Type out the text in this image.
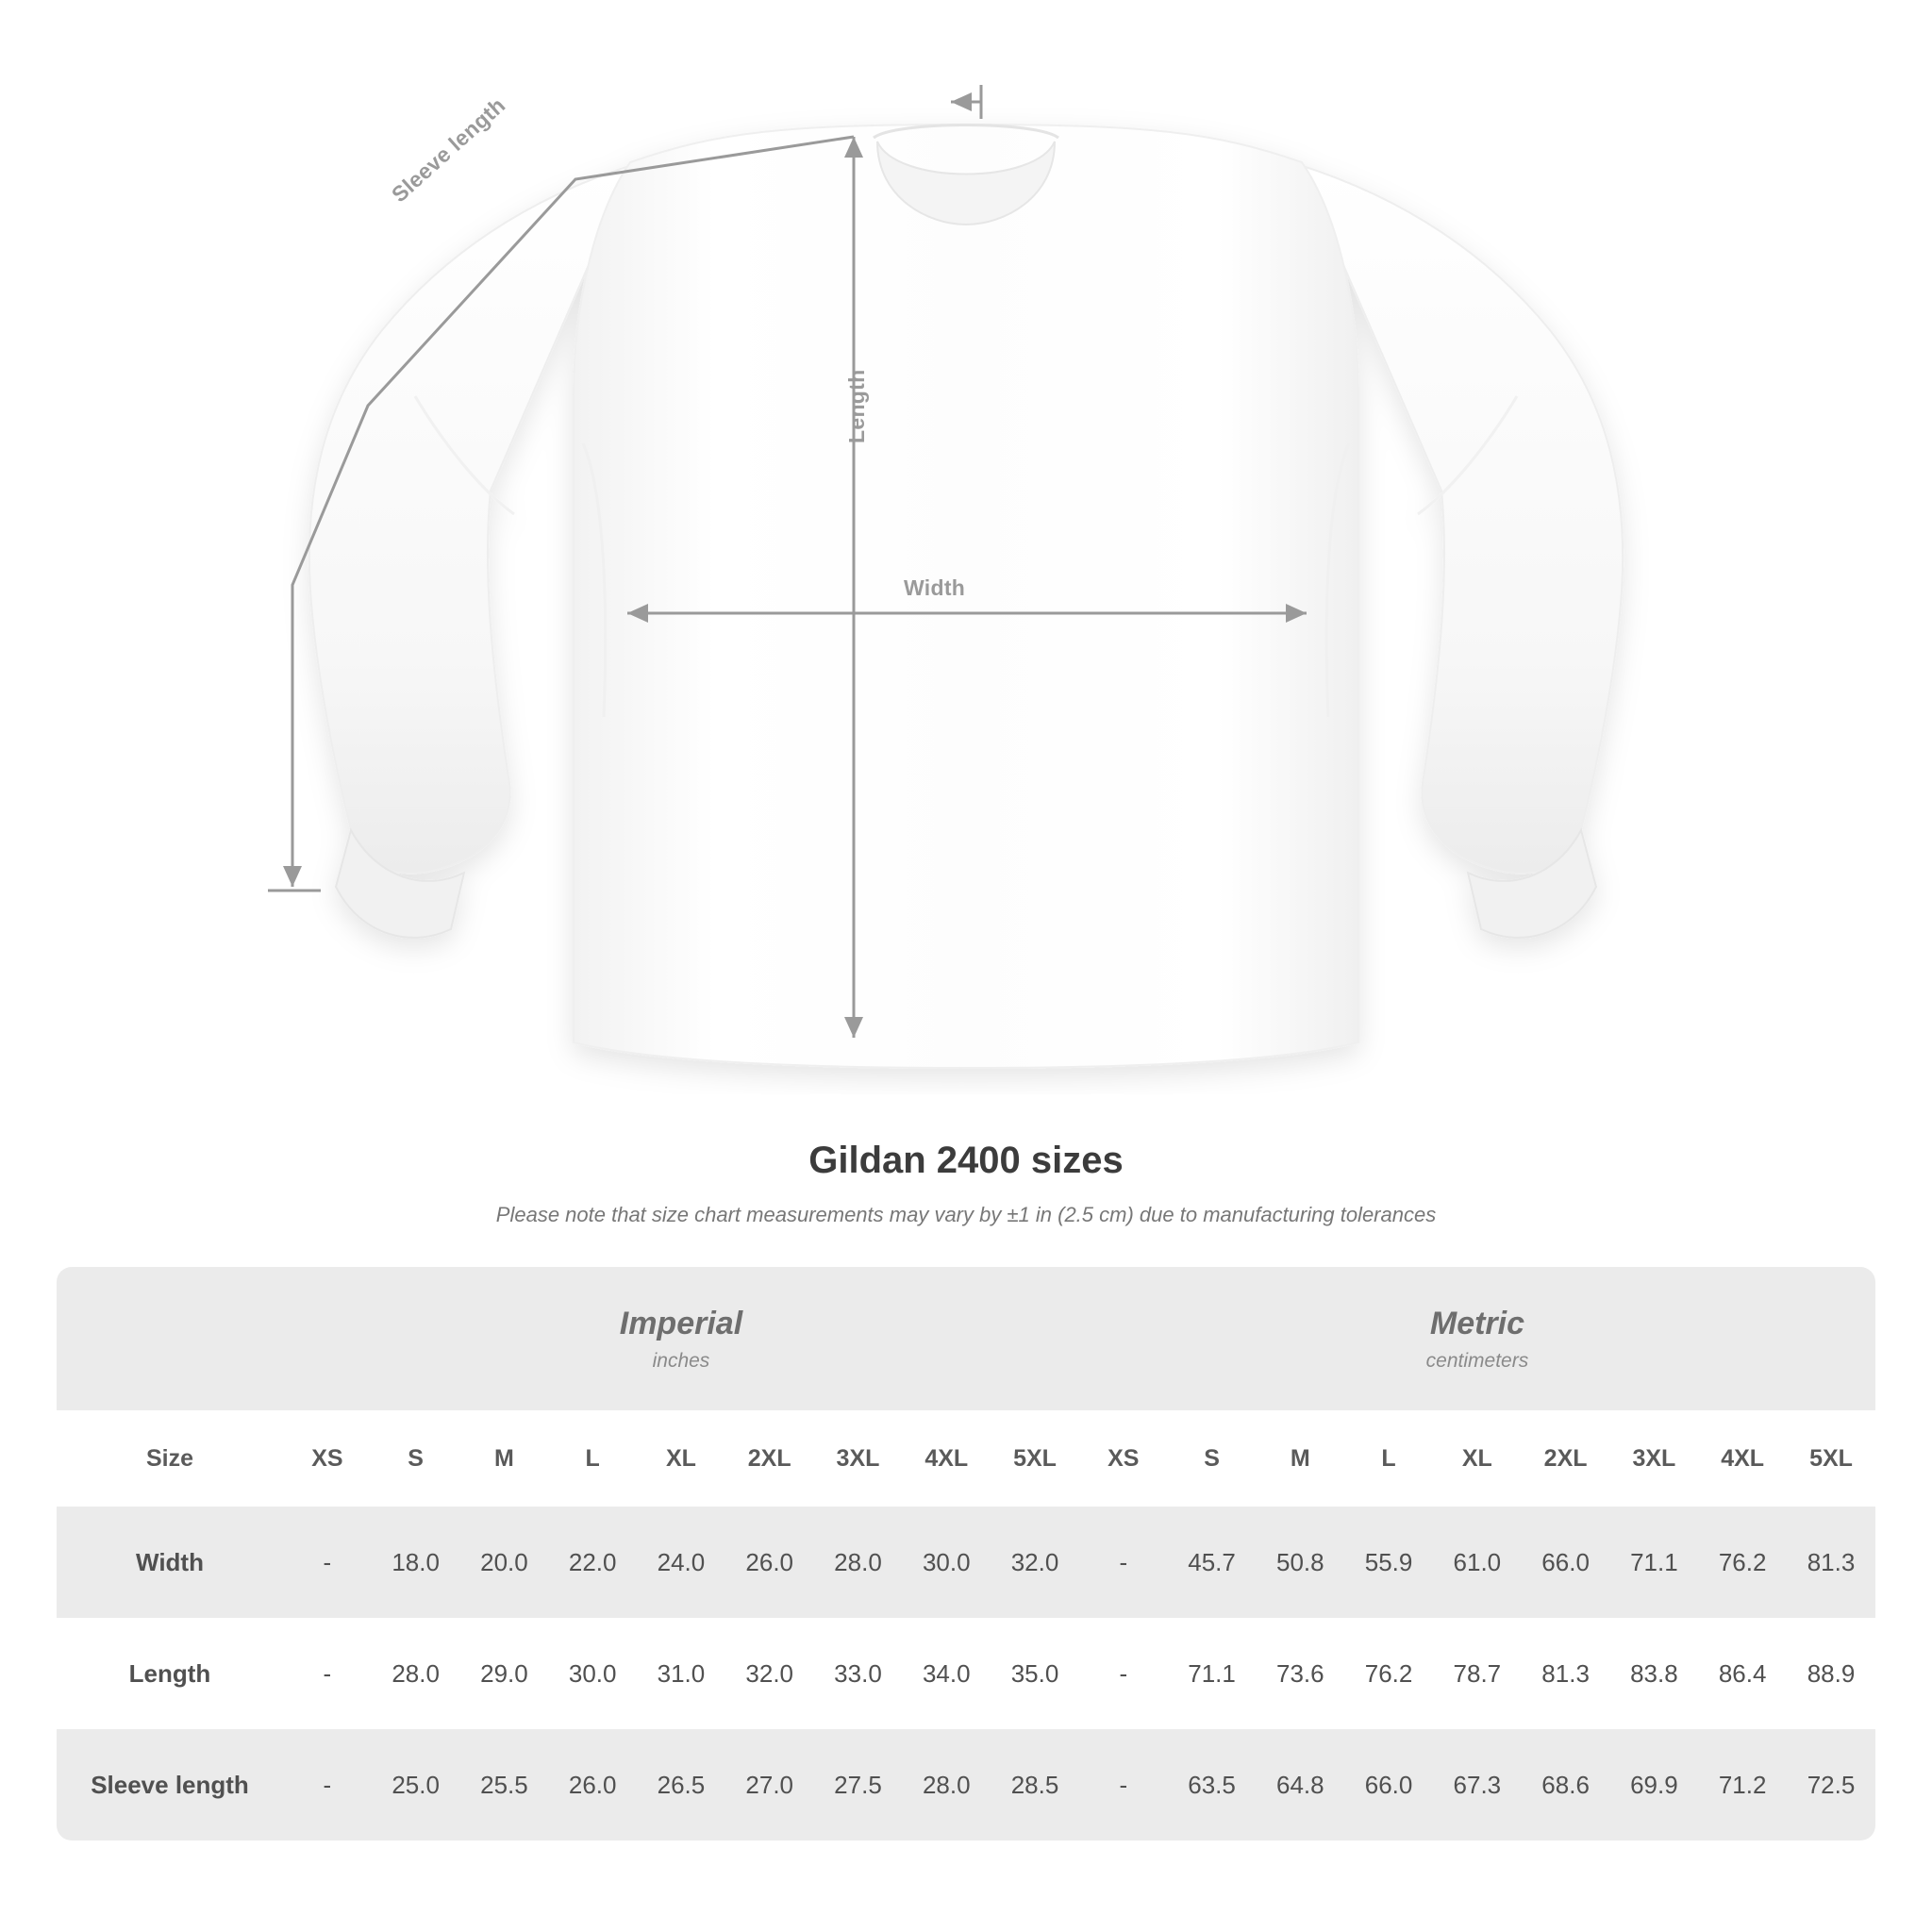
Width
Length
Sleeve length
Gildan 2400 sizes
Please note that size chart measurements may vary by ±1 in (2.5 cm) due to manufacturing tolerances

Imperial
inches

Metric
centimeters

Size	XS	S	M	L	XL	2XL	3XL	4XL	5XL	XS	S	M	L	XL	2XL	3XL	4XL	5XL
Width	-	18.0	20.0	22.0	24.0	26.0	28.0	30.0	32.0	-	45.7	50.8	55.9	61.0	66.0	71.1	76.2	81.3
Length	-	28.0	29.0	30.0	31.0	32.0	33.0	34.0	35.0	-	71.1	73.6	76.2	78.7	81.3	83.8	86.4	88.9
Sleeve length	-	25.0	25.5	26.0	26.5	27.0	27.5	28.0	28.5	-	63.5	64.8	66.0	67.3	68.6	69.9	71.2	72.5
